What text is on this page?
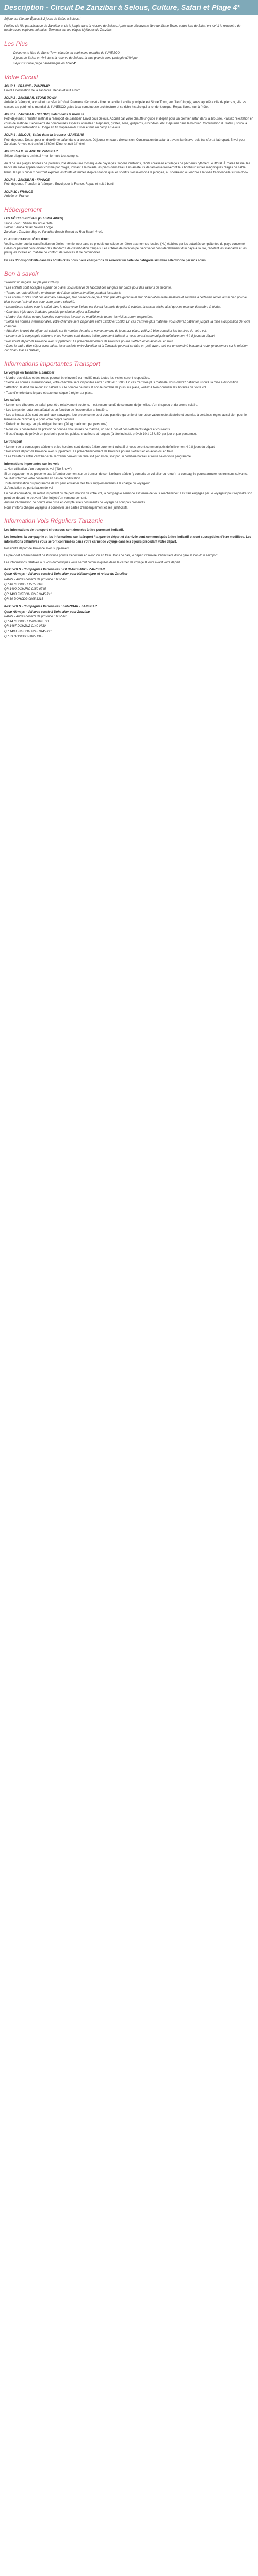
Description - Circuit De Zanzibar à Selous, Culture, Safari et Plage 4*

Séjour sur l'île aux Épices & 2 jours de Safari à Selous !

Profitez de l'île paradisiaque de Zanzibar et de la jungle dans la réserve de Selous. Après une découverte libre de Stone Town, partez lors de Safari en 4x4 à la rencontre de nombreuses espèces animales. Terminez sur les plages idylliques de Zanzibar.

Les Plus
• Découverte libre de Stone Town classée au patrimoine mondial de l'UNESCO
• 2 jours de Safari en 4x4 dans la réserve de Selous, la plus grande zone protégée d'Afrique
• Séjour sur une plage paradisiaque en hôtel 4*
Votre Circuit
JOUR 1 : FRANCE - ZANZIBAR
Envol à destination de la Tanzanie. Repas et nuit à bord.
JOUR 2 : ZANZIBAR, STONE TOWN
Arrivée à l'aéroport, accueil et transfert à l'hôtel. Première découverte libre de la ville. La ville principale est Stone Town, sur l'île d'Unguja, aussi appelé « ville de pierre », elle est classée au patrimoine mondial de l'UNESCO grâce à sa somptueuse architecture et sa riche histoire qui la rendent unique. Repas libres, nuit à l'hôtel.
JOUR 3 : ZANZIBAR - SELOUS, Safari dans la brousse
Petit-déjeuner. Transfert matinal à l'aéroport de Zanzibar. Envol pour Selous. Accueil par votre chauffeur-guide et départ pour un premier safari dans la brousse. Passez l'excitation en cours de matinée. Découverte de nombreuses espèces animales : éléphants, girafes, lions, guépards, crocodiles, etc. Déjeuner dans le bivouac. Continuation du safari jusqu'à la réserve pour installation au lodge en fin d'après-midi. Dîner et nuit au camp à Selous.
JOUR 4 : SELOUS, Safari dans la brousse - ZANZIBAR
Petit-déjeuner. Départ pour un deuxième safari dans la brousse. Déjeuner en cours d'excursion. Continuation du safari à travers la réserve puis transfert à l'aéroport. Envol pour Zanzibar. Arrivée et transfert à l'hôtel. Dîner et nuit à l'hôtel.
JOURS 5 à 8 : PLAGE DE ZANZIBAR
Séjour plage dans un hôtel 4* en formule tout compris.
Au fil de ses plages bordées de palmiers, l'île dévoile une mosaïque de paysages : lagons cristallins, récifs coralliens et villages de pêcheurs rythment le littoral. À marée basse, les bancs de sable apparaissent comme par magie, invitant à la balade les pieds dans l'eau. Les amateurs de farniente trouveront leur bonheur sur les magnifiques plages de sable blanc, les plus curieux pourront explorer les forêts et fermes d'épices tandis que les sportifs s'essaieront à la plongée, au snorkeling ou encore à la voile traditionnelle sur un dhow.
JOUR 9 : ZANZIBAR - FRANCE
Petit-déjeuner. Transfert à l'aéroport. Envol pour la France. Repas et nuit à bord.
JOUR 10 : FRANCE
Arrivée en France.
Hébergement
LES HÔTELS PRÉVUS (OU SIMILAIRES)
Stone Town : Shaba Boutique Hotel
Selous : Africa Safari Selous Lodge
Zanzibar : Zanzibar Bay ou Paradise Beach Resort ou Red Beach 4* NL
CLASSIFICATION HÔTELIÈRE
Veuillez noter que la classification en étoiles mentionnée dans ce produit touristique se réfère aux normes locales (NL) établies par les autorités compétentes du pays concerné. Celles-ci peuvent donc différer des standards de classification français. Les critères de notation peuvent varier considérablement d'un pays à l'autre, reflétant les standards et les pratiques locales en matière de confort, de services et de commodités.

En cas d'indisponibilité dans les hôtels cités nous nous chargerons de réserver un hôtel de catégorie similaire sélectionné par nos soins.

Bon à savoir

* Prévoir un bagage souple (max 20 kg)

* Les enfants sont acceptés à partir de 5 ans, sous réserve de l'accord des rangers sur place pour des raisons de sécurité.

* Temps de route aléatoire en fonction de l'observation animalière pendant les safaris.

* Les animaux cités sont des animaux sauvages, leur présence ne peut donc pas être garantie et leur observation reste aléatoire et soumise à certaines règles aussi bien pour le bien-être de l'animal que pour votre propre sécurité.

* La meilleure saison pour le safari dans la réserve de Selous est durant les mois de juillet à octobre, la saison sèche ainsi que les mois de décembre à février.

* Chambre triple avec 3 adultes possible pendant le séjour à Zanzibar.

* L'ordre des visites ou des journées pourra être inversé ou modifié mais toutes les visites seront respectées.

* Selon les normes internationales, votre chambre sera disponible entre 12h30 et 15h00. En cas d'arrivée plus matinale, vous devrez patienter jusqu'à la mise à disposition de votre chambre.

* Attention, le droit du séjour est calculé sur le nombre de nuits et non le nombre de jours sur place, veillez à bien consulter les horaires de votre vol.

* Le nom de la compagnie aérienne et les horaires sont donnés à titre purement indicatif et vous seront communiqués définitivement 4 à 8 jours du départ.

* Possibilité départ de Province avec supplément. Le pré-acheminement de Province pourra s'effectuer en avion ou en train.

* Dans le cadre d'un séjour avec safari, les transferts entre Zanzibar et la Tanzanie peuvent se faire en petit avion, soit par un combiné bateau et route (uniquement sur la relation Zanzibar - Dar es Salaam).

Informations importantes Transport

Le voyage en Tanzanie & Zanzibar

* L'ordre des visites et des repas pourrait être inversé ou modifié mais toutes les visites seront respectées.

* Selon les normes internationales, votre chambre sera disponible entre 12h00 et 15h00. En cas d'arrivée plus matinale, vous devrez patienter jusqu'à la mise à disposition.

* Attention, le droit du séjour est calculé sur le nombre de nuits et non le nombre de jours sur place, veillez à bien consulter les horaires de votre vol.

* Taxe d'entrée dans le parc et taxe touristique à régler sur place.

Les safaris

* Le nombre d'heures de safari peut être relativement soutenu. Il est recommandé de se munir de jumelles, d'un chapeau et de crème solaire.

* Les temps de route sont aléatoires en fonction de l'observation animalière.

* Les animaux cités sont des animaux sauvages, leur présence ne peut donc pas être garantie et leur observation reste aléatoire et soumise à certaines règles aussi bien pour le bien-être de l'animal que pour votre propre sécurité.

* Prévoir un bagage souple obligatoirement (20 kg maximum par personne).

* Nous vous conseillons de prévoir de bonnes chaussures de marche, un sac à dos et des vêtements légers et couvrants.

* Il est d'usage de prévoir un pourboire pour les guides, chauffeurs et rangers (à titre indicatif, prévoir 10 à 15 USD par jour et par personne).

Le transport

* Le nom de la compagnie aérienne et les horaires sont donnés à titre purement indicatif et vous seront communiqués définitivement 4 à 8 jours du départ.

* Possibilité départ de Province avec supplément. Le pré-acheminement de Province pourra s'effectuer en avion ou en train.

* Les transferts entre Zanzibar et la Tanzanie peuvent se faire soit par avion, soit par un combiné bateau et route selon votre programme.

Informations importantes sur les vols

1. Non utilisation d'un tronçon de vol ("No Show")

Si un voyageur ne se présente pas à l'embarquement sur un tronçon de son itinéraire aérien (y compris un vol aller ou retour), la compagnie pourra annuler les tronçons suivants. Veuillez informer votre conseiller en cas de modification.

Toute modification du programme de vol peut entraîner des frais supplémentaires à la charge du voyageur.

2. Annulation ou perturbation de vol

En cas d'annulation, de retard important ou de perturbation de votre vol, la compagnie aérienne est tenue de vous réacheminer. Les frais engagés par le voyageur pour rejoindre son point de départ ne peuvent faire l'objet d'un remboursement.

Aucune réclamation ne pourra être prise en compte si les documents de voyage ne sont pas présentés.

Nous invitons chaque voyageur à conserver ses cartes d'embarquement et ses justificatifs.

Information Vols Réguliers Tanzanie

Les informations de transport ci-dessous sont données à titre purement indicatif.

Les horaires, la compagnie et les informations sur l'aéroport / la gare de départ et d'arrivée sont communiqués à titre indicatif et sont susceptibles d'être modifiées. Les informations définitives vous seront confirmées dans votre carnet de voyage dans les 8 jours précédant votre départ.

Possibilité départ de Province avec supplément.

Le pré-post acheminement de Province pourra s'effectuer en avion ou en train. Dans ce cas, le départ / l'arrivée s'effectuera d'une gare et non d'un aéroport.

Les informations relatives aux vols domestiques vous seront communiquées dans le carnet de voyage 8 jours avant votre départ.

INFO VOLS - Compagnies Partenaires : KILIMANDJARO - ZANZIBAR

Qatar Airways : Vol avec escale à Doha aller pour Kilimandjaro et retour de Zanzibar

PARIS - Autres départs de province : TGV Air

QR 40 CDGDOH 1515 2320

QR 1499 DOHJRO 0150 0745

QR 1488 ZNZDOH 2245 0445 J+1

QR 39 DOHCDG 0805 1315

INFO VOLS - Compagnies Partenaires : ZANZIBAR - ZANZIBAR

Qatar Airways : Vol avec escale à Doha aller pour Zanzibar

PARIS - Autres départs de province : TGV Air

QR 44 CDGDOH 1500 0020 J+1

QR 1487 DOHZNZ 0140 0730

QR 1488 ZNZDOH 2245 0445 J+1

QR 39 DOHCDG 0805 1315
